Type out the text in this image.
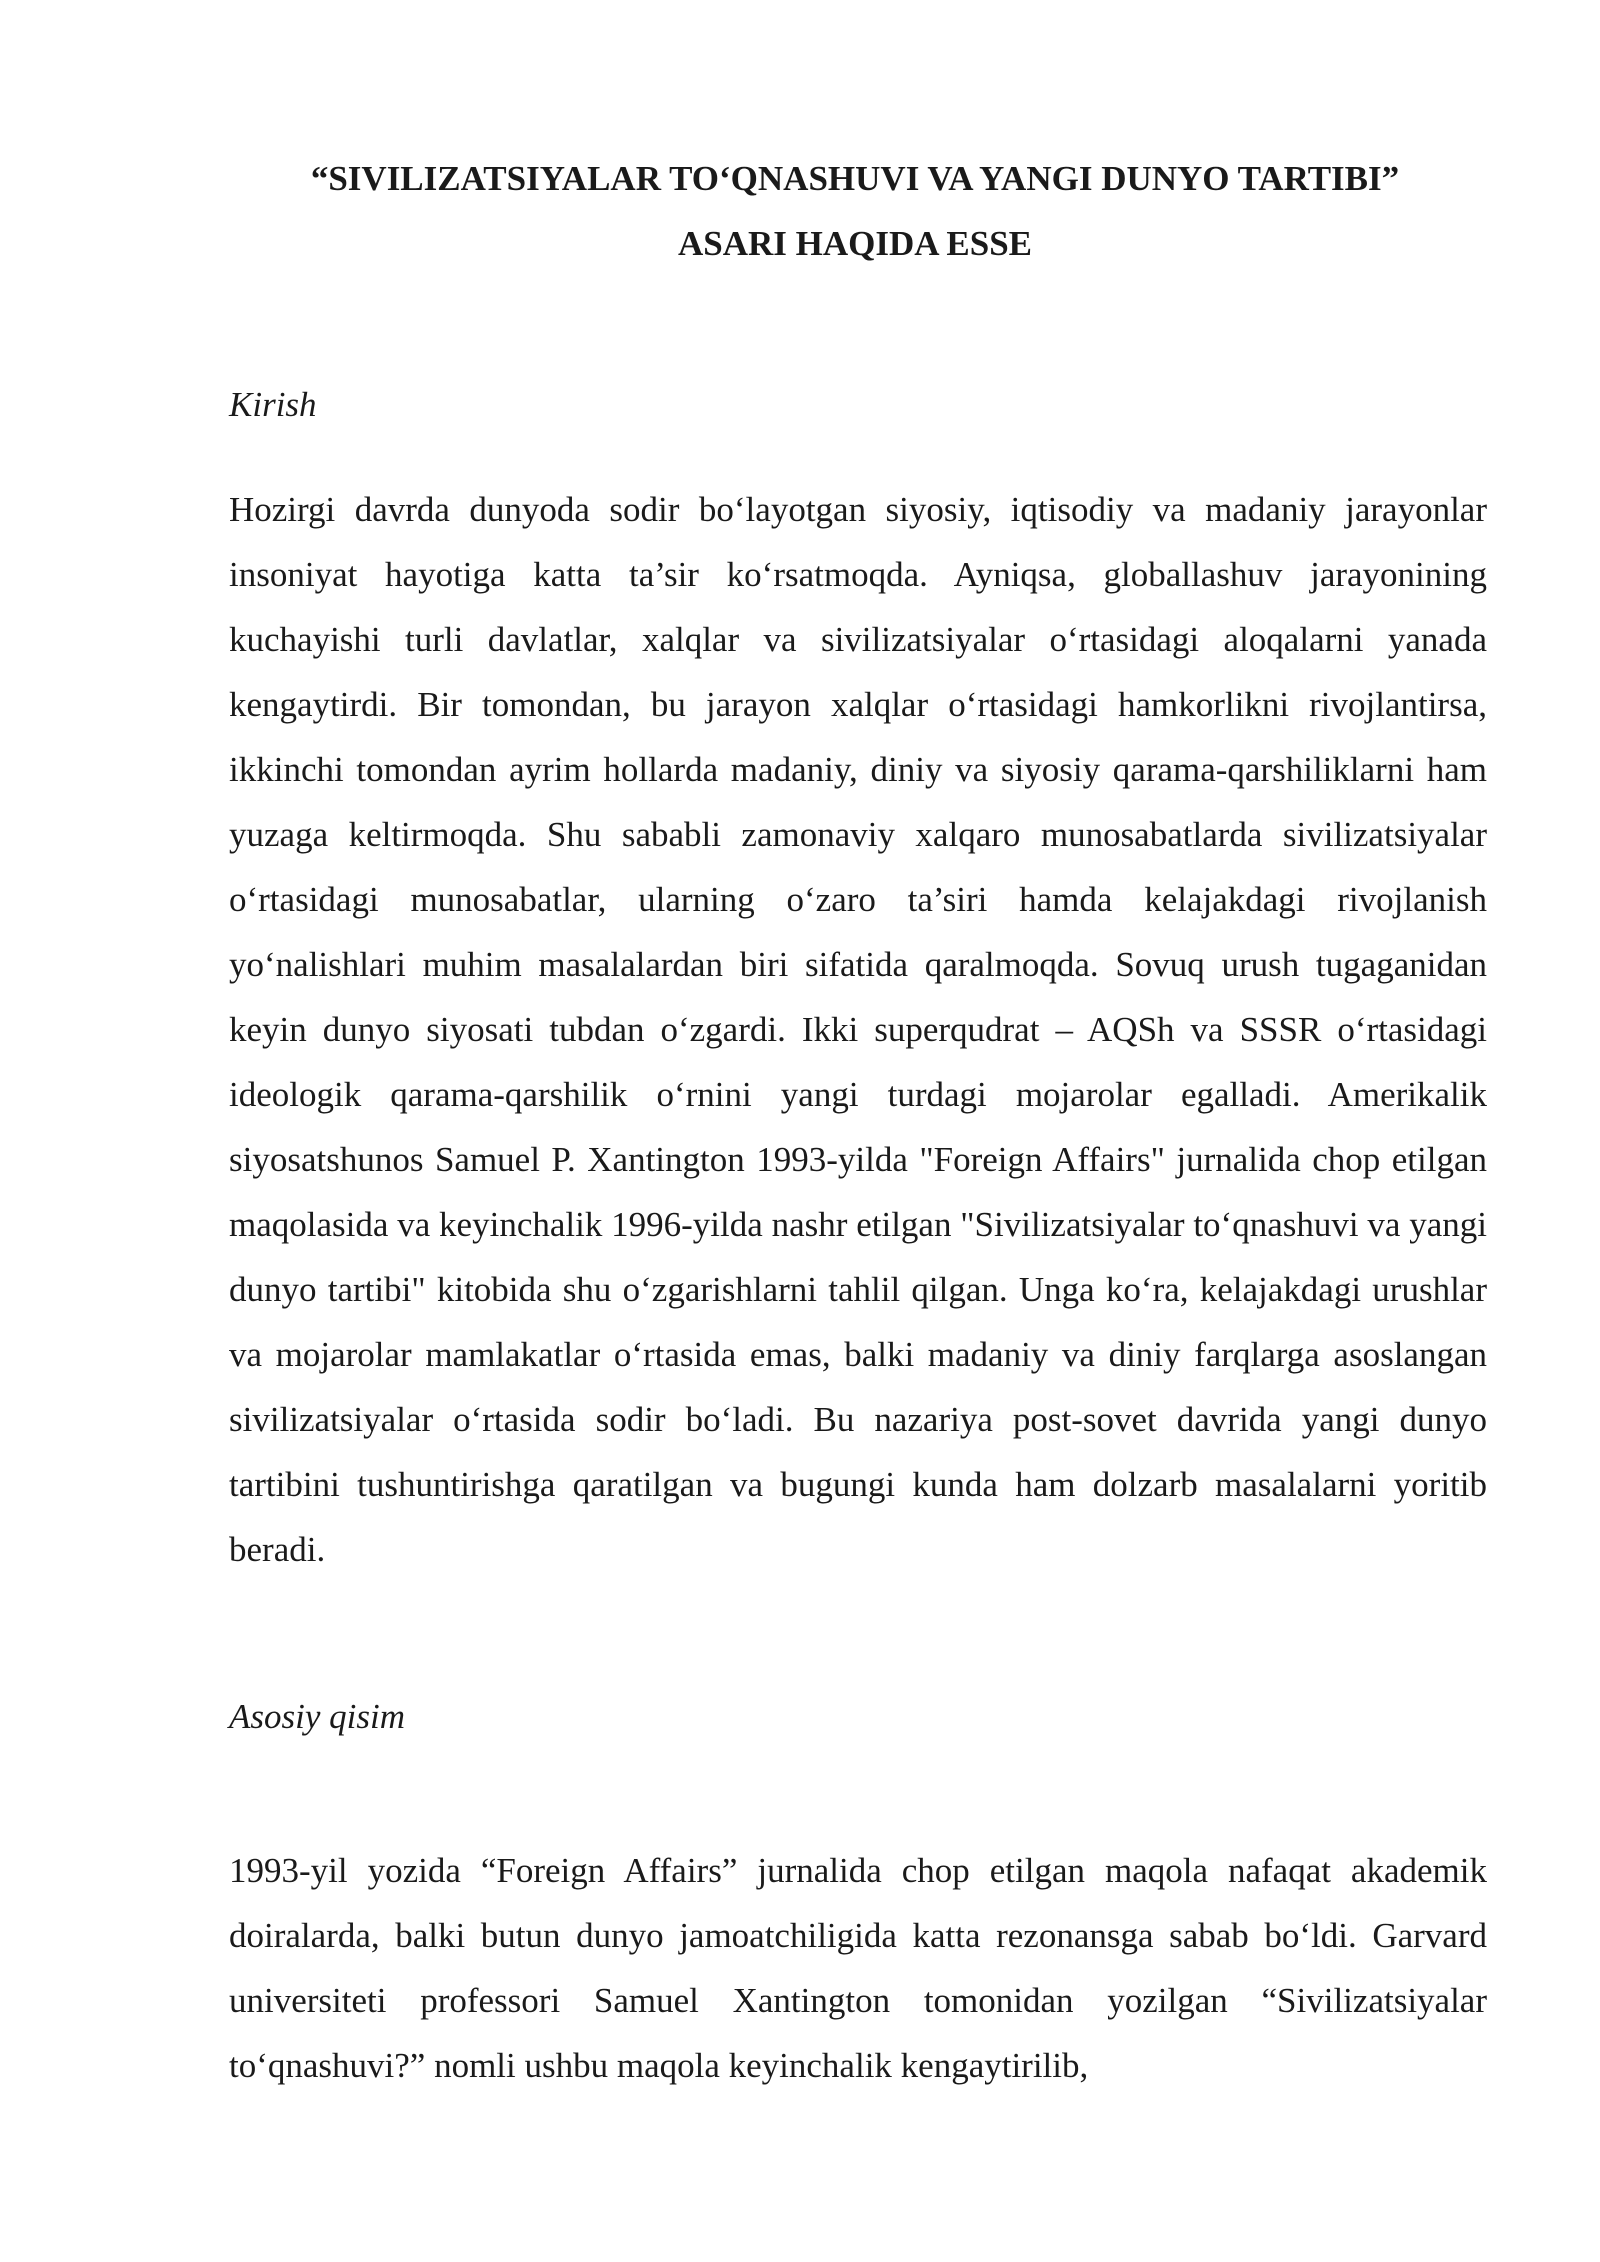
“SIVILIZATSIYALAR TO‘QNASHUVI VA YANGI DUNYO TARTIBI”
ASARI HAQIDA ESSE
Kirish

Hozirgi davrda dunyoda sodir bo‘layotgan siyosiy, iqtisodiy va madaniy jarayonlar insoniyat hayotiga katta ta’sir ko‘rsatmoqda. Ayniqsa, globallashuv jarayonining kuchayishi turli davlatlar, xalqlar va sivilizatsiyalar o‘rtasidagi aloqalarni yanada kengaytirdi. Bir tomondan, bu jarayon xalqlar o‘rtasidagi hamkorlikni rivojlantirsa, ikkinchi tomondan ayrim hollarda madaniy, diniy va siyosiy qarama-qarshiliklarni ham yuzaga keltirmoqda. Shu sababli zamonaviy xalqaro munosabatlarda sivilizatsiyalar o‘rtasidagi munosabatlar, ularning o‘zaro ta’siri hamda kelajakdagi rivojlanish yo‘nalishlari muhim masalalardan biri sifatida qaralmoqda. Sovuq urush tugaganidan keyin dunyo siyosati tubdan o‘zgardi. Ikki superqudrat – AQSh va SSSR o‘rtasidagi ideologik qarama-qarshilik o‘rnini yangi turdagi mojarolar egalladi. Amerikalik siyosatshunos Samuel P. Xantington 1993-yilda "Foreign Affairs" jurnalida chop etilgan maqolasida va keyinchalik 1996-yilda nashr etilgan "Sivilizatsiyalar to‘qnashuvi va yangi dunyo tartibi" kitobida shu o‘zgarishlarni tahlil qilgan. Unga ko‘ra, kelajakdagi urushlar va mojarolar mamlakatlar o‘rtasida emas, balki madaniy va diniy farqlarga asoslangan sivilizatsiyalar o‘rtasida sodir bo‘ladi. Bu nazariya post-sovet davrida yangi dunyo tartibini tushuntirishga qaratilgan va bugungi kunda ham dolzarb masalalarni yoritib beradi.

Asosiy qisim

1993-yil yozida “Foreign Affairs” jurnalida chop etilgan maqola nafaqat akademik doiralarda, balki butun dunyo jamoatchiligida katta rezonansga sabab bo‘ldi. Garvard universiteti professori Samuel Xantington tomonidan yozilgan “Sivilizatsiyalar to‘qnashuvi?” nomli ushbu maqola keyinchalik kengaytirilib,
